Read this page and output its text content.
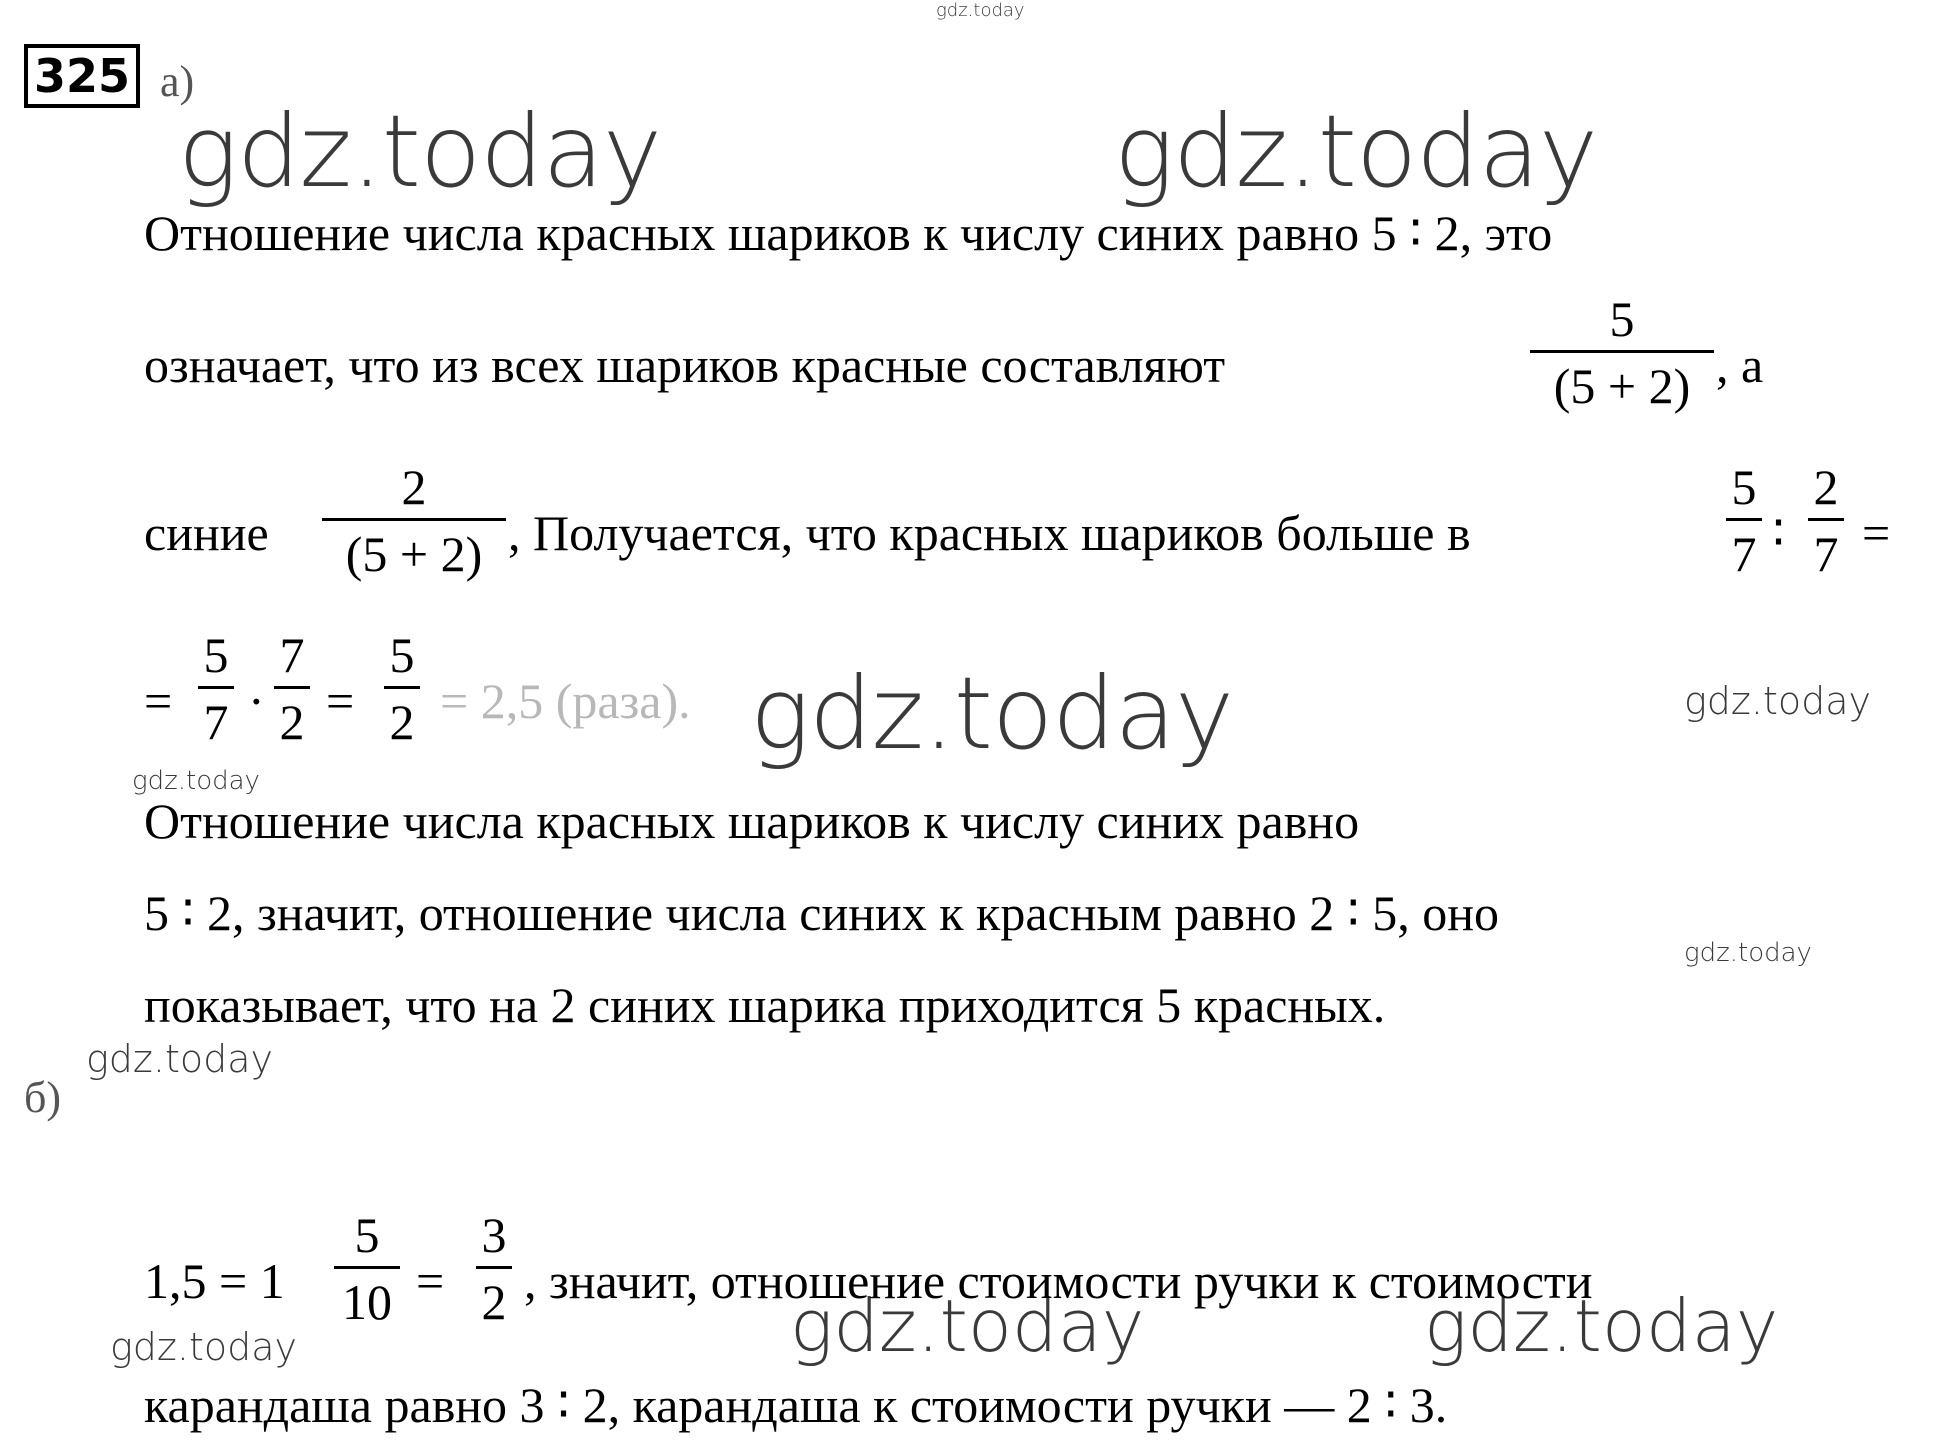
325 а)
gdz.today
gdz.today	gdz.today
gdz.today	gdz.today
gdz.today
gdz.today
gdz.today
gdz.today	gdz.today
gdz.today
Отношение числа красных шариков к числу синих равно 5 ∶ 2, это
означает, что из всех шариков красные составляют
5
(5 + 2) , а
синие
2
(5 + 2) , Получается, что красных шариков больше в
5
7 ∶
2
7 =
=
5
7 ·
7
2 =
5
2 = 2,5 (раза).
Отношение числа красных шариков к числу синих равно
5 ∶ 2, значит, отношение числа синих к красным равно 2 ∶ 5, оно
показывает, что на 2 синих шарика приходится 5 красных.
б)
1,5 = 1
5
10 =
3
2 , значит, отношение стоимости ручки к стоимости
карандаша равно 3 ∶ 2, карандаша к стоимости ручки — 2 ∶ 3.
